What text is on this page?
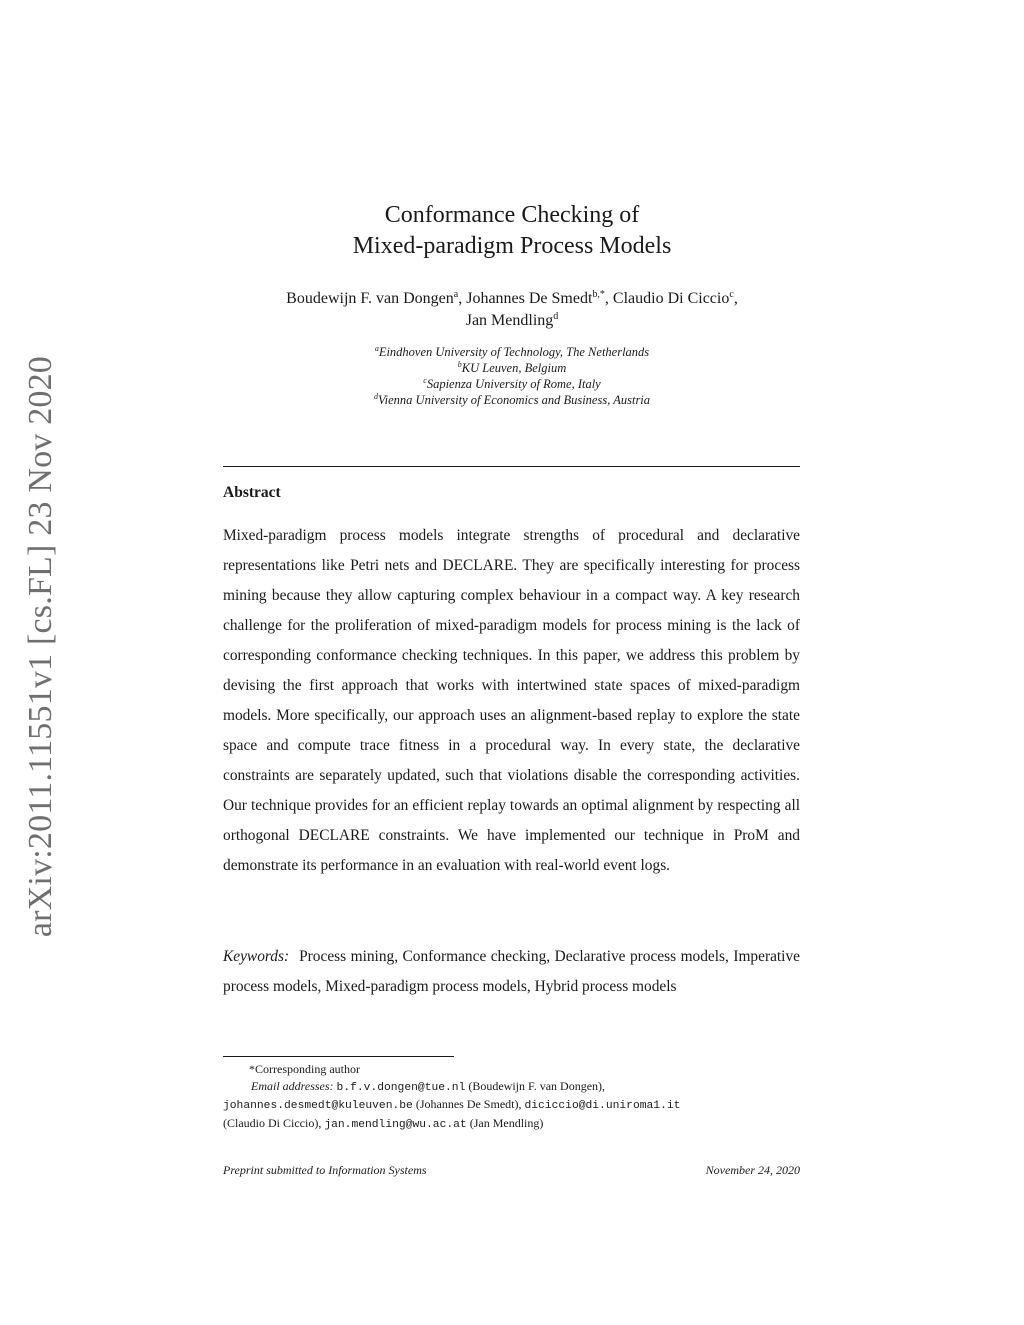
arXiv:2011.11551v1 [cs.FL] 23 Nov 2020
Conformance Checking of
Mixed-paradigm Process Models
Boudewijn F. van Dongen$^a$, Johannes De Smedt$^{b,*}$, Claudio Di Ciccio$^c$,
Jan Mendling$^d$
$^a$Eindhoven University of Technology, The Netherlands
$^b$KU Leuven, Belgium
$^c$Sapienza University of Rome, Italy
$^d$Vienna University of Economics and Business, Austria
Abstract
Mixed-paradigm process models integrate strengths of procedural and declarative representations like Petri nets and DECLARE. They are specifically interesting for process mining because they allow capturing complex behaviour in a compact way. A key research challenge for the proliferation of mixed-paradigm models for process mining is the lack of corresponding conformance checking techniques. In this paper, we address this problem by devising the first approach that works with intertwined state spaces of mixed-paradigm models. More specifically, our approach uses an alignment-based replay to explore the state space and compute trace fitness in a procedural way. In every state, the declarative constraints are separately updated, such that violations disable the corresponding activities. Our technique provides for an efficient replay towards an optimal alignment by respecting all orthogonal DECLARE constraints. We have implemented our technique in ProM and demonstrate its performance in an evaluation with real-world event logs.
Keywords: Process mining, Conformance checking, Declarative process models, Imperative process models, Mixed-paradigm process models, Hybrid process models
*Corresponding author
Email addresses: b.f.v.dongen@tue.nl (Boudewijn F. van Dongen),
johannes.desmedt@kuleuven.be (Johannes De Smedt), diciccio@di.uniroma1.it
(Claudio Di Ciccio), jan.mendling@wu.ac.at (Jan Mendling)
Preprint submitted to Information Systems	November 24, 2020
